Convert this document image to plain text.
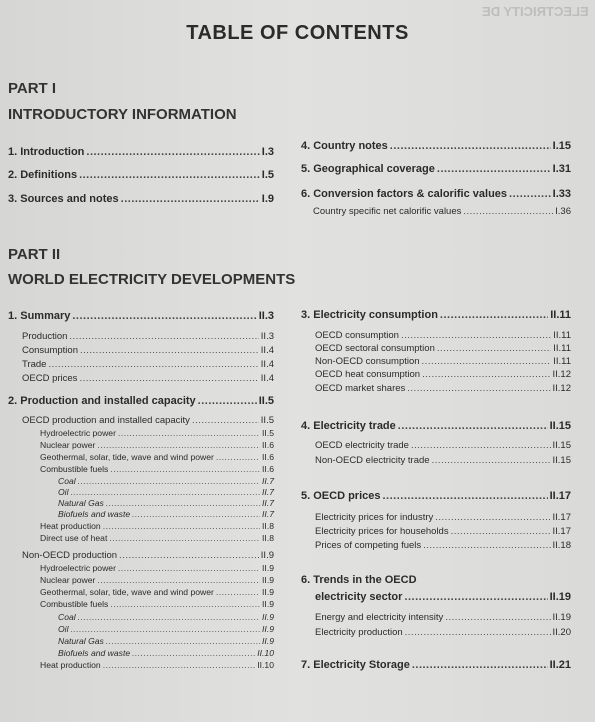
ELECTRICITY DE
TABLE OF CONTENTS
PART I
INTRODUCTORY INFORMATION
PART II
WORLD ELECTRICITY DEVELOPMENTS
1. Introduction .....	I.3
2. Definitions .....	I.5
3. Sources and notes .....	I.9
4. Country notes .....	I.15
5. Geographical coverage .....	I.31
6. Conversion factors & calorific values .....	I.33
Country specific net calorific values .....	I.36
1. Summary .....	II.3
Production .....	II.3
Consumption .....	II.4
Trade .....	II.4
OECD prices .....	II.4
2. Production and installed capacity .....	II.5
OECD production and installed capacity .....	II.5
Hydroelectric power .....	II.5
Nuclear power .....	II.6
Geothermal, solar, tide, wave and wind power .....	II.6
Combustible fuels .....	II.6
Coal .....	II.7
Oil .....	II.7
Natural Gas .....	II.7
Biofuels and waste .....	II.7
Heat production .....	II.8
Direct use of heat .....	II.8
Non-OECD production .....	II.9
Hydroelectric power .....	II.9
Nuclear power .....	II.9
Geothermal, solar, tide, wave and wind power .....	II.9
Combustible fuels .....	II.9
Coal .....	II.9
Oil .....	II.9
Natural Gas .....	II.9
Biofuels and waste .....	II.10
Heat production .....	II.10
3. Electricity consumption .....	II.11
OECD consumption .....	II.11
OECD sectoral consumption .....	II.11
Non-OECD consumption .....	II.11
OECD heat consumption .....	II.12
OECD market shares .....	II.12
4. Electricity trade .....	II.15
OECD electricity trade .....	II.15
Non-OECD electricity trade .....	II.15
5. OECD prices .....	II.17
Electricity prices for industry .....	II.17
Electricity prices for households .....	II.17
Prices of competing fuels .....	II.18
6. Trends in the OECD
electricity sector .....	II.19
Energy and electricity intensity .....	II.19
Electricity production .....	II.20
7. Electricity Storage .....	II.21
